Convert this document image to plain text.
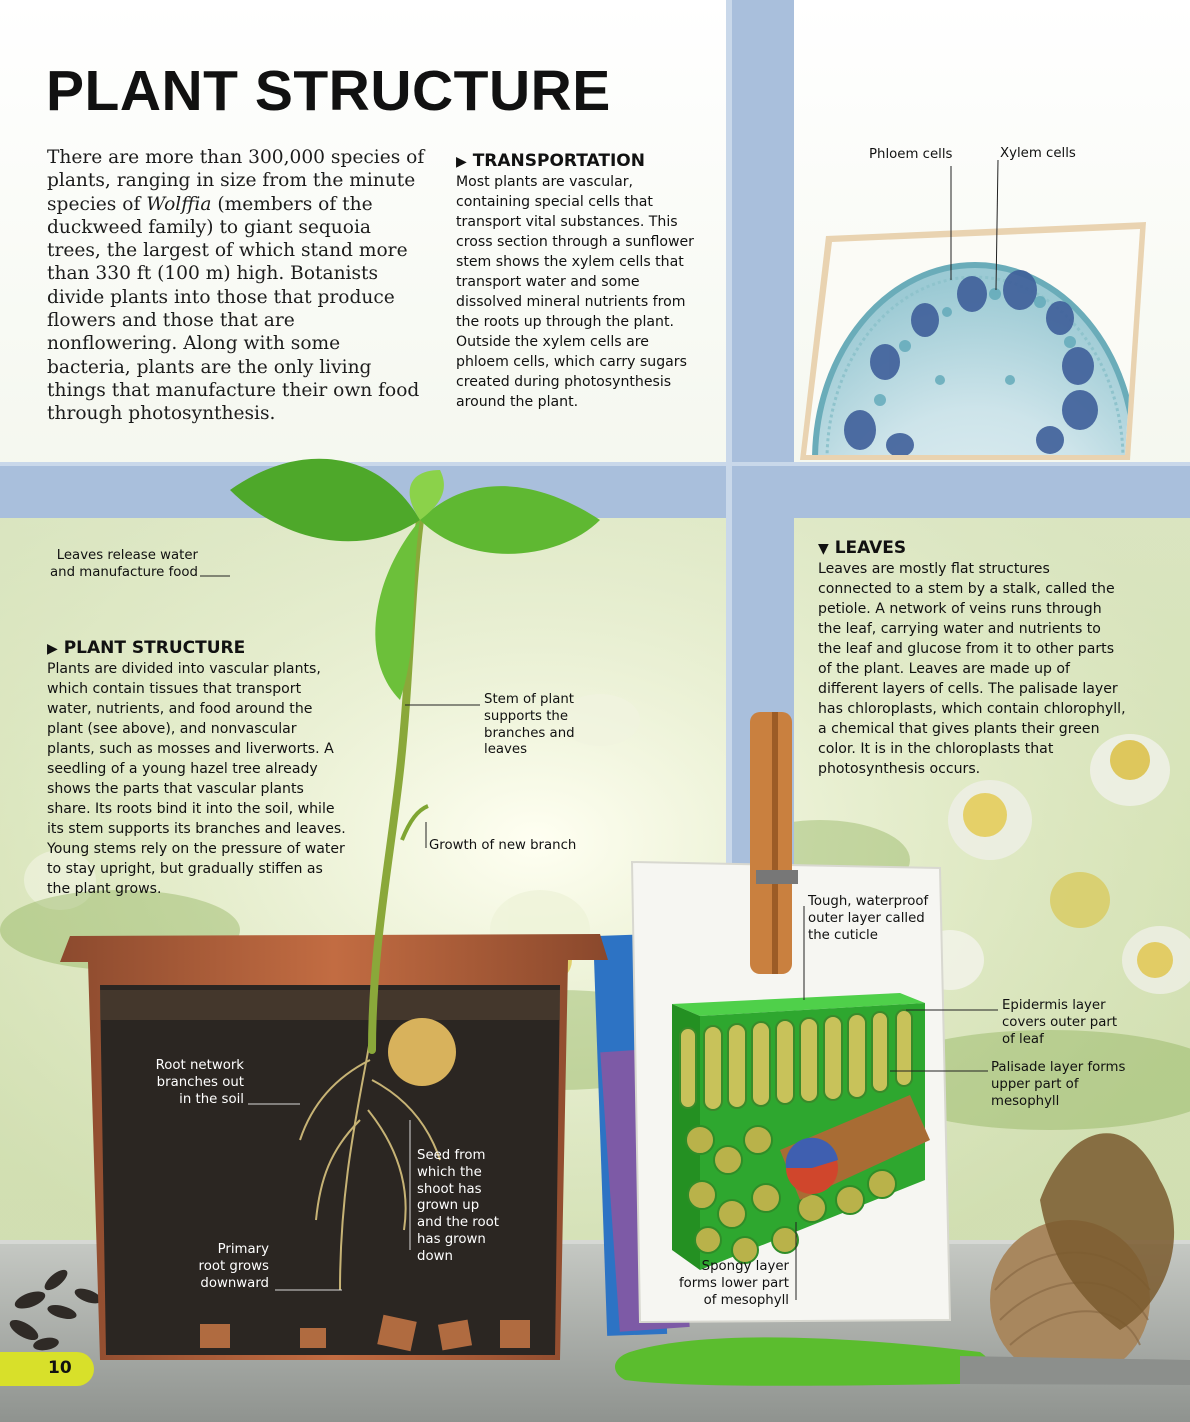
PLANT STRUCTURE

There are more than 300,000 species of plants, ranging in size from the minute species of Wolffia (members of the duckweed family) to giant sequoia trees, the largest of which stand more than 330 ft (100 m) high. Botanists divide plants into those that produce flowers and those that are nonflowering. Along with some bacteria, plants are the only living things that manufacture their own food through photosynthesis.

▶ TRANSPORTATION

Most plants are vascular, containing special cells that transport vital substances. This cross section through a sunflower stem shows the xylem cells that transport water and some dissolved mineral nutrients from the roots up through the plant. Outside the xylem cells are phloem cells, which carry sugars created during photosynthesis around the plant.

▶ PLANT STRUCTURE

Plants are divided into vascular plants, which contain tissues that transport water, nutrients, and food around the plant (see above), and nonvascular plants, such as mosses and liverworts. A seedling of a young hazel tree already shows the parts that vascular plants share. Its roots bind it into the soil, while its stem supports its branches and leaves. Young stems rely on the pressure of water to stay upright, but gradually stiffen as the plant grows.

▼ LEAVES

Leaves are mostly flat structures connected to a stem by a stalk, called the petiole. A network of veins runs through the leaf, carrying water and nutrients to the leaf and glucose from it to other parts of the plant. Leaves are made up of different layers of cells. The palisade layer has chloroplasts, which contain chlorophyll, a chemical that gives plants their green color. It is in the chloroplasts that photosynthesis occurs.

Phloem cells	Xylem cells

Leaves release water
and manufacture food
Stem of plant
supports the
branches and
leaves

Growth of new branch

Tough, waterproof
outer layer called
the cuticle
Epidermis layer
covers outer part
of leaf
Palisade layer forms
upper part of
mesophyll
Root network
branches out
in the soil
Seed from
which the
shoot has
grown up
and the root
has grown
down
Primary
root grows
downward
Spongy layer
forms lower part
of mesophyll
10
